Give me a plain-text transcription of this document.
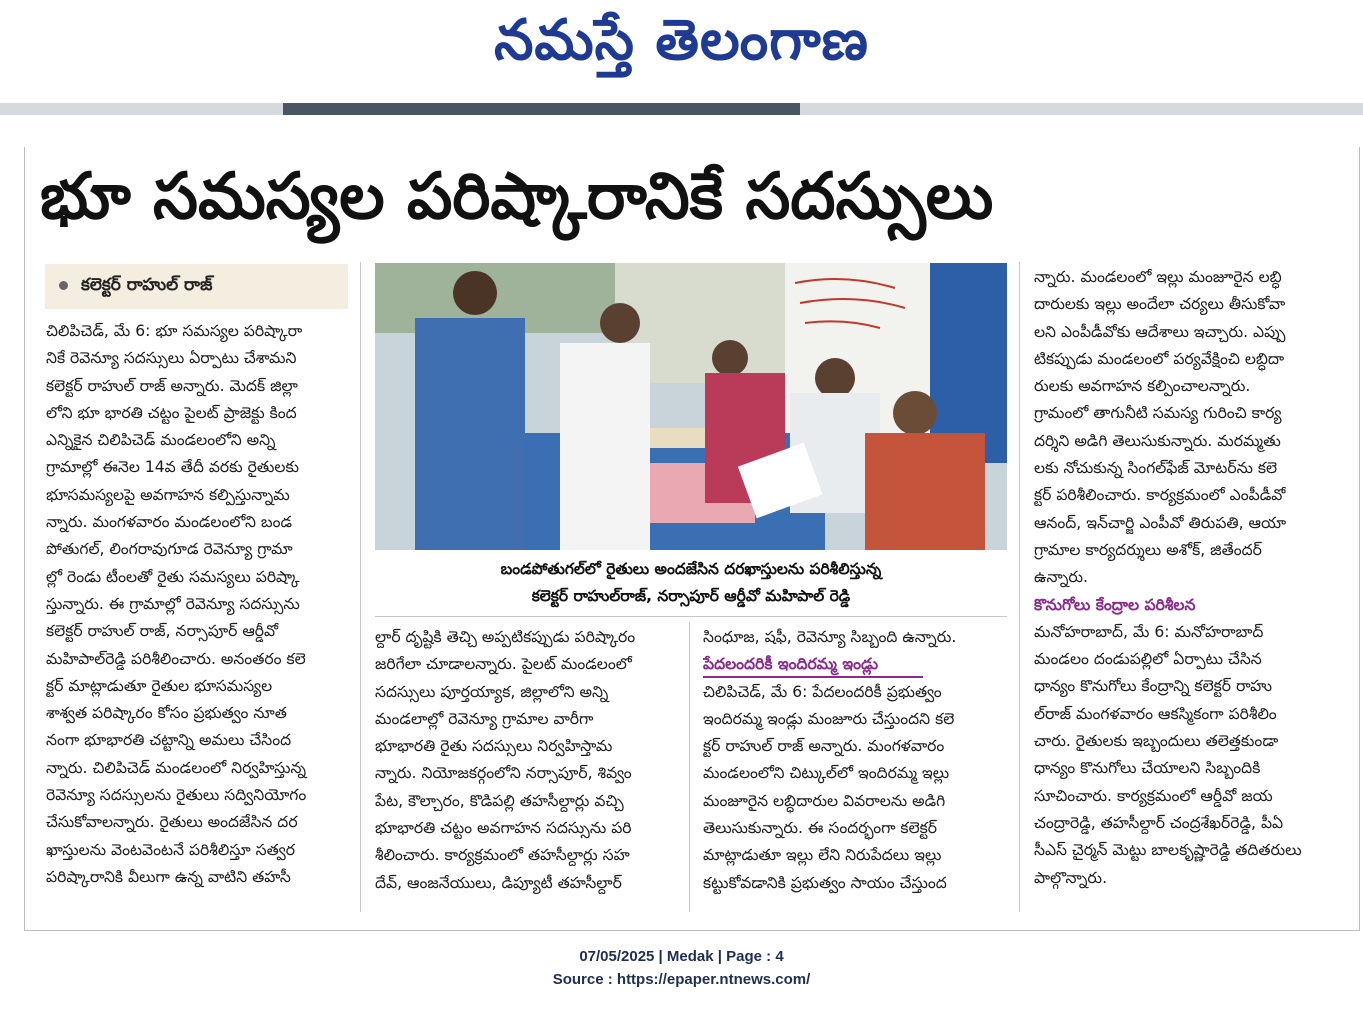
నమస్తే తెలంగాణ
భూ సమస్యల పరిష్కారానికే సదస్సులు
కలెక్టర్ రాహుల్ రాజ్
బండపోతుగల్‌లో రైతులు అందజేసిన దరఖాస్తులను పరిశీలిస్తున్న
కలెక్టర్ రాహుల్‌రాజ్, నర్సాపూర్ ఆర్డీవో మహిపాల్ రెడ్డి
చిలిపిచెడ్, మే 6: భూ సమస్యల పరిష్కారా
నికే రెవెన్యూ సదస్సులు ఏర్పాటు చేశామని
కలెక్టర్ రాహుల్ రాజ్ అన్నారు. మెదక్ జిల్లా
లోని భూ భారతి చట్టం పైలట్ ప్రాజెక్టు కింద
ఎన్నికైన చిలిపిచెడ్ మండలంలోని అన్ని
గ్రామాల్లో ఈనెల 14వ తేదీ వరకు రైతులకు
భూసమస్యలపై అవగాహన కల్పిస్తున్నామ
న్నారు. మంగళవారం మండలంలోని బండ
పోతుగల్, లింగరావుగూడ రెవెన్యూ గ్రామా
ల్లో రెండు టీంలతో రైతు సమస్యలు పరిష్కా
స్తున్నారు. ఈ గ్రామాల్లో రెవెన్యూ సదస్సును
కలెక్టర్ రాహుల్ రాజ్, నర్సాపూర్ ఆర్డీవో
మహిపాల్‌రెడ్డి పరిశీలించారు. అనంతరం కలె
క్టర్ మాట్లాడుతూ రైతుల భూసమస్యల
శాశ్వత పరిష్కారం కోసం ప్రభుత్వం నూత
నంగా భూభారతి చట్టాన్ని అమలు చేసింద
న్నారు. చిలిపిచెడ్ మండలంలో నిర్వహిస్తున్న
రెవెన్యూ సదస్సులను రైతులు సద్వినియోగం
చేసుకోవాలన్నారు. రైతులు అందజేసిన దర
ఖాస్తులను వెంటవెంటనే పరిశీలిస్తూ సత్వర
పరిష్కారానికి వీలుగా ఉన్న వాటిని తహసీ
ల్దార్ దృష్టికి తెచ్చి అప్పటికప్పుడు పరిష్కారం
జరిగేలా చూడాలన్నారు. పైలట్ మండలంలో
సదస్సులు పూర్తయ్యాక, జిల్లాలోని అన్ని
మండలాల్లో రెవెన్యూ గ్రామాల వారీగా
భూభారతి రైతు సదస్సులు నిర్వహిస్తామ
న్నారు. నియోజకర్గంలోని నర్సాపూర్, శివ్వం
పేట, కౌల్చారం, కొడిపల్లి తహసీల్దార్లు వచ్చి
భూభారతి చట్టం అవగాహన సదస్సును పరి
శీలించారు. కార్యక్రమంలో తహసీల్దార్లు సహ
దేవ్, ఆంజనేయులు, డిప్యూటీ తహసీల్దార్
సింధూజ, షఫీ, రెవెన్యూ సిబ్బంది ఉన్నారు.
పేదలందరికీ ఇందిరమ్మ ఇండ్లు
చిలిపిచెడ్, మే 6: పేదలందరికీ ప్రభుత్వం
ఇందిరమ్మ ఇండ్లు మంజూరు చేస్తుందని కలె
క్టర్ రాహుల్ రాజ్ అన్నారు. మంగళవారం
మండలంలోని చిట్కుల్‌లో ఇందిరమ్మ ఇల్లు
మంజూరైన లబ్ధిదారుల వివరాలను అడిగి
తెలుసుకున్నారు. ఈ సందర్భంగా కలెక్టర్
మాట్లాడుతూ ఇల్లు లేని నిరుపేదలు ఇల్లు
కట్టుకోవడానికి ప్రభుత్వం సాయం చేస్తుంద
న్నారు. మండలంలో ఇల్లు మంజూరైన లబ్ధి
దారులకు ఇల్లు అందేలా చర్యలు తీసుకోవా
లని ఎంపీడీవోకు ఆదేశాలు ఇచ్చారు. ఎప్పు
టికప్పుడు మండలంలో పర్యవేక్షించి లబ్ధిదా
రులకు అవగాహన కల్పించాలన్నారు.
గ్రామంలో తాగునీటి సమస్య గురించి కార్య
దర్శిని అడిగి తెలుసుకున్నారు. మరమ్మతు
లకు నోచుకున్న సింగల్‌ఫేజ్ మోటర్‌ను కలె
క్టర్ పరిశీలించారు. కార్యక్రమంలో ఎంపీడీవో
ఆనంద్, ఇన్‌చార్జి ఎంపీవో తిరుపతి, ఆయా
గ్రామాల కార్యదర్శులు అశోక్, జితేందర్
ఉన్నారు.
కొనుగోలు కేంద్రాల పరిశీలన
మనోహరాబాద్, మే 6: మనోహరాబాద్
మండలం దండుపల్లిలో ఏర్పాటు చేసిన
ధాన్యం కొనుగోలు కేంద్రాన్ని కలెక్టర్ రాహు
ల్‌రాజ్ మంగళవారం ఆకస్మికంగా పరిశీలిం
చారు. రైతులకు ఇబ్బందులు తలెత్తకుండా
ధాన్యం కొనుగోలు చేయాలని సిబ్బందికి
సూచించారు. కార్యక్రమంలో ఆర్డీవో జయ
చంద్రారెడ్డి, తహసీల్దార్ చంద్రశేఖర్‌రెడ్డి, పీఏ
సీఎస్ చైర్మన్ మెట్టు బాలకృష్ణారెడ్డి తదితరులు
పాల్గొన్నారు.
07/05/2025 | Medak | Page : 4
Source : https://epaper.ntnews.com/
